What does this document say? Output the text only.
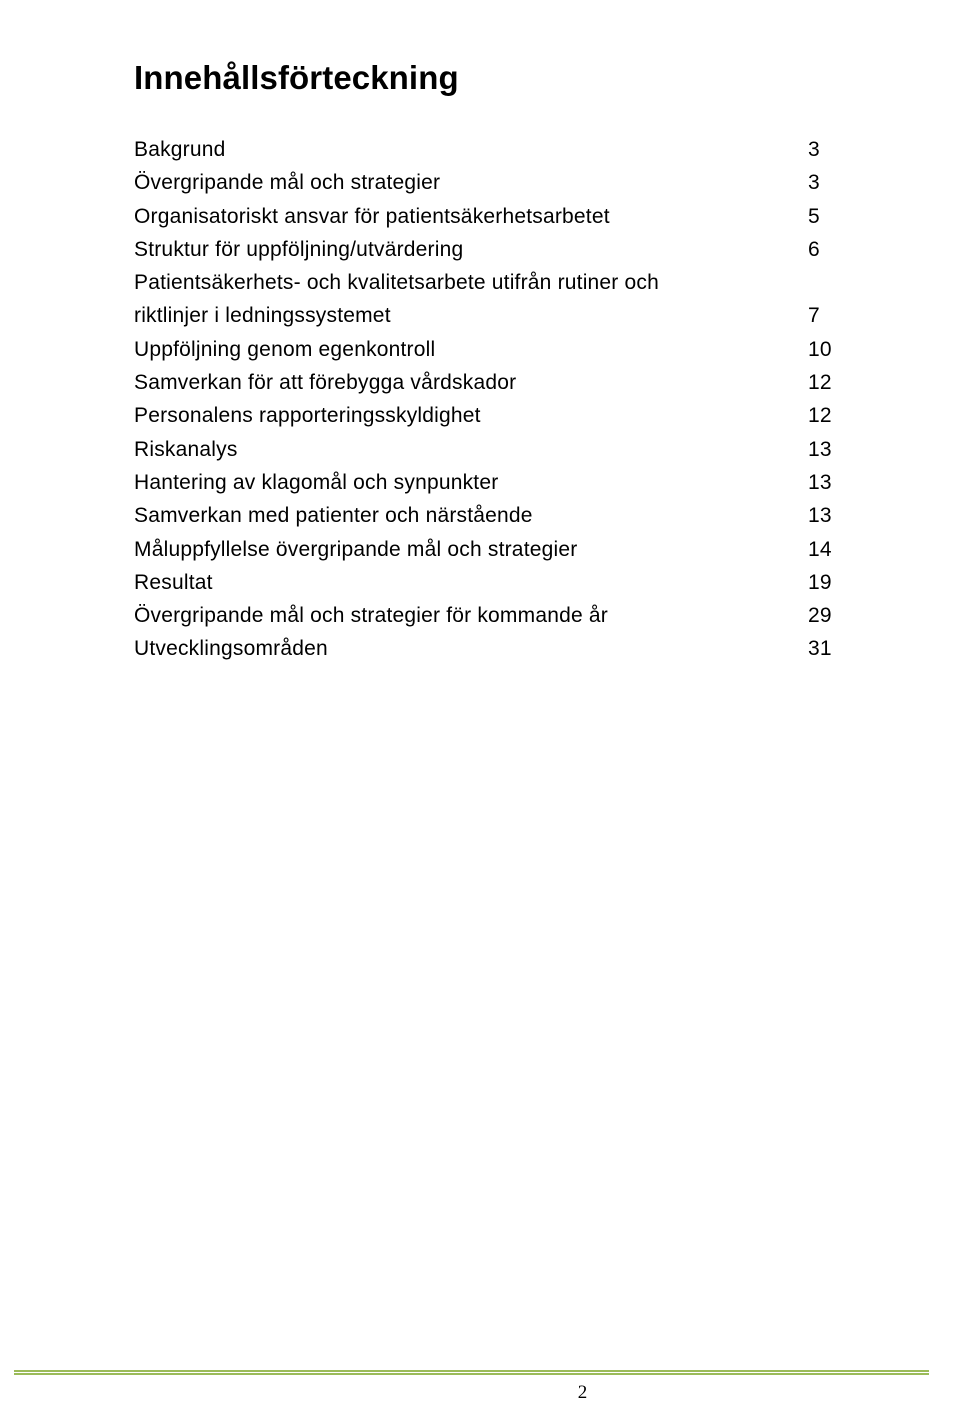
Innehållsförteckning
Bakgrund	3
Övergripande mål och strategier	3
Organisatoriskt ansvar för patientsäkerhetsarbetet	5
Struktur för uppföljning/utvärdering	6
Patientsäkerhets- och kvalitetsarbete utifrån rutiner och
riktlinjer i ledningssystemet	7
Uppföljning genom egenkontroll	10
Samverkan för att förebygga vårdskador	12
Personalens rapporteringsskyldighet	12
Riskanalys	13
Hantering av klagomål och synpunkter	13
Samverkan med patienter och närstående	13
Måluppfyllelse övergripande mål och strategier	14
Resultat	19
Övergripande mål och strategier för kommande år	29
Utvecklingsområden	31
2
